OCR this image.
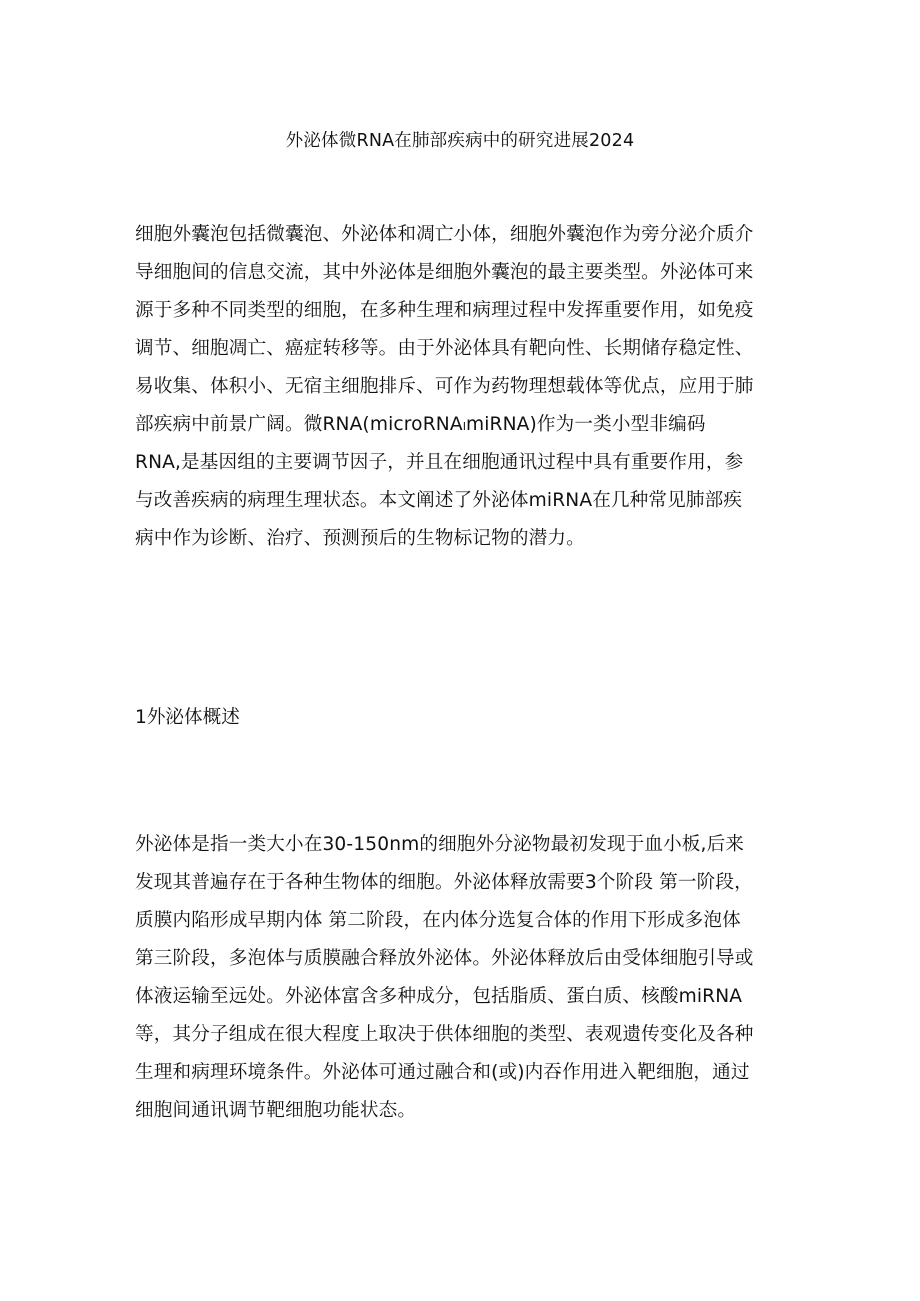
外泌体微RNA在肺部疾病中的研究进展2024
细胞外囊泡包括微囊泡、外泌体和凋亡小体，细胞外囊泡作为旁分泌介质介
导细胞间的信息交流，其中外泌体是细胞外囊泡的最主要类型。外泌体可来
源于多种不同类型的细胞，在多种生理和病理过程中发挥重要作用，如免疫
调节、细胞凋亡、癌症转移等。由于外泌体具有靶向性、长期储存稳定性、
易收集、体积小、无宿主细胞排斥、可作为药物理想载体等优点，应用于肺
部疾病中前景广阔。微RNA(microRNAₗmiRNA)作为一类小型非编码
RNA,是基因组的主要调节因子，并且在细胞通讯过程中具有重要作用，参
与改善疾病的病理生理状态。本文阐述了外泌体miRNA在几种常见肺部疾
病中作为诊断、治疗、预测预后的生物标记物的潜力。
1外泌体概述
外泌体是指一类大小在30-150nm的细胞外分泌物最初发现于血小板,后来
发现其普遍存在于各种生物体的细胞。外泌体释放需要3个阶段 第一阶段，
质膜内陷形成早期内体 第二阶段，在内体分选复合体的作用下形成多泡体
第三阶段，多泡体与质膜融合释放外泌体。外泌体释放后由受体细胞引导或
体液运输至远处。外泌体富含多种成分，包括脂质、蛋白质、核酸miRNA
等，其分子组成在很大程度上取决于供体细胞的类型、表观遗传变化及各种
生理和病理环境条件。外泌体可通过融合和(或)内吞作用进入靶细胞，通过
细胞间通讯调节靶细胞功能状态。
